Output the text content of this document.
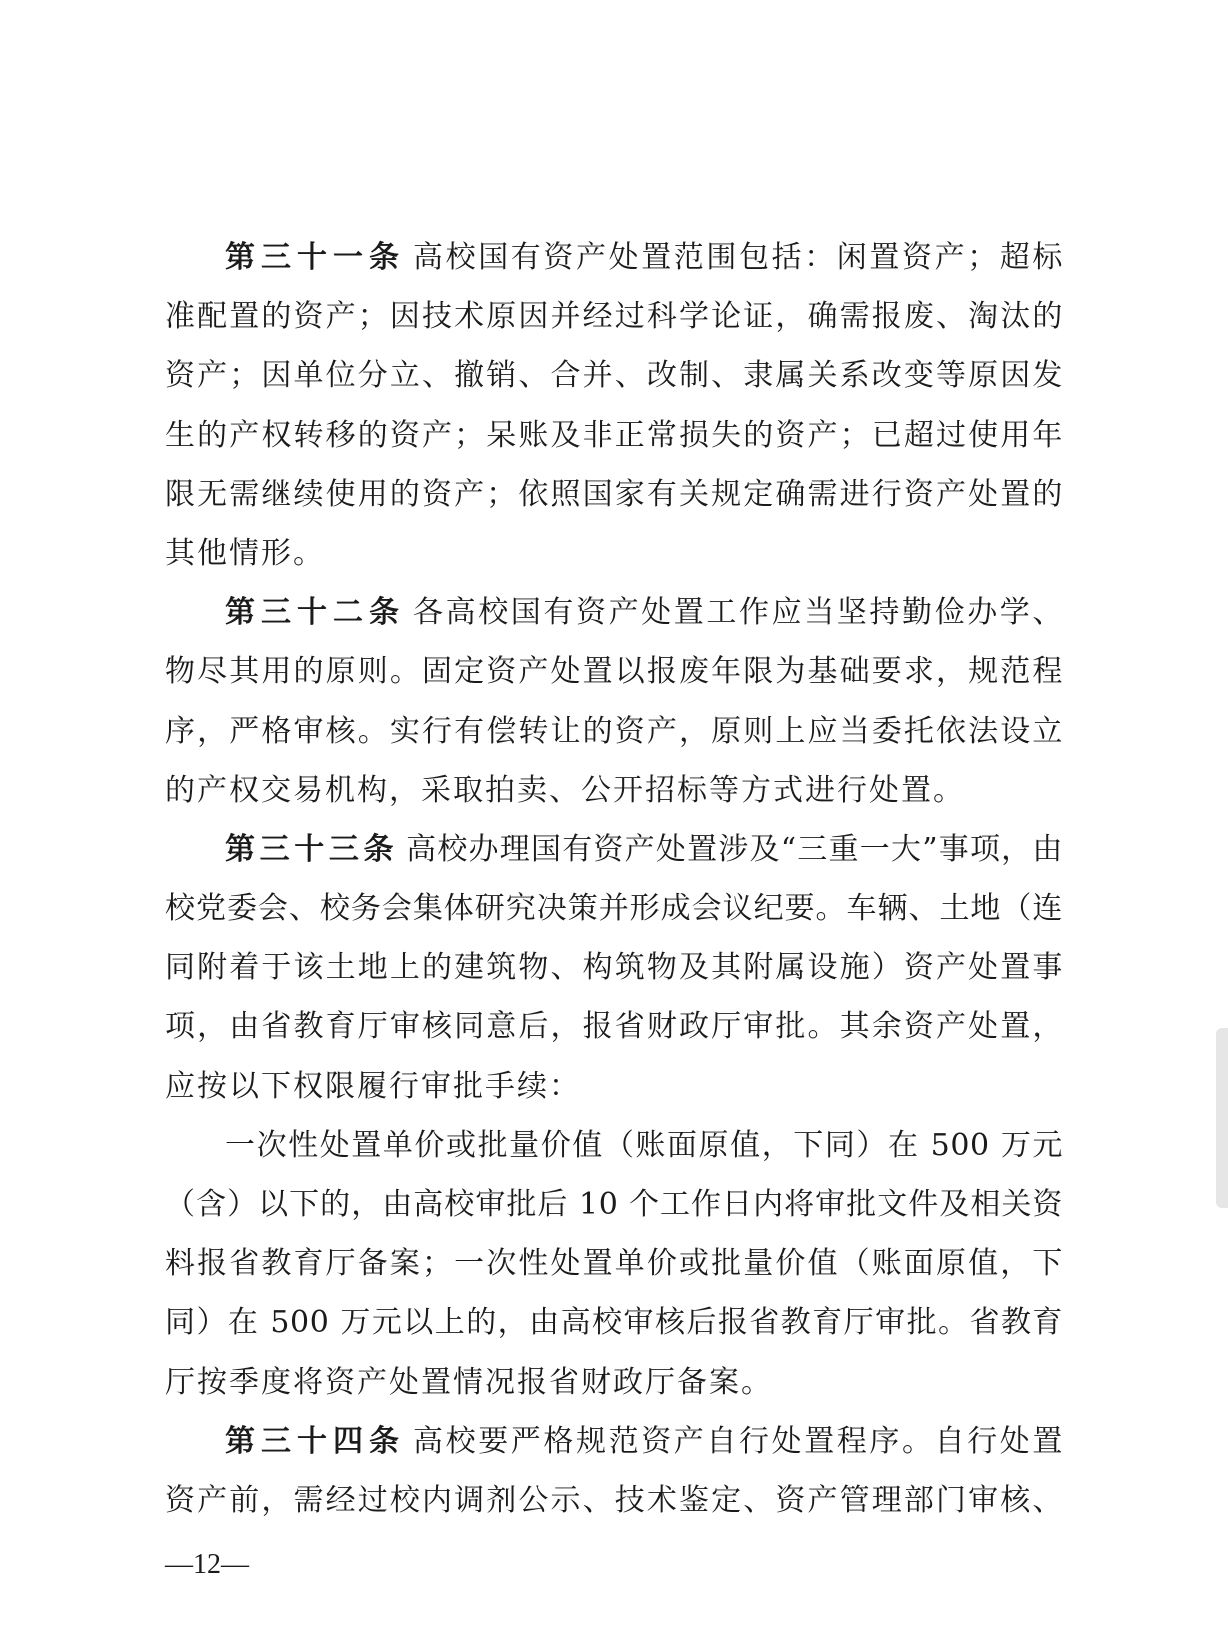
第三十一条 高校国有资产处置范围包括：闲置资产；超标
准配置的资产；因技术原因并经过科学论证，确需报废、淘汰的
资产；因单位分立、撤销、合并、改制、隶属关系改变等原因发
生的产权转移的资产；呆账及非正常损失的资产；已超过使用年
限无需继续使用的资产；依照国家有关规定确需进行资产处置的
其他情形。
第三十二条 各高校国有资产处置工作应当坚持勤俭办学、
物尽其用的原则。固定资产处置以报废年限为基础要求，规范程
序，严格审核。实行有偿转让的资产，原则上应当委托依法设立
的产权交易机构，采取拍卖、公开招标等方式进行处置。
第三十三条 高校办理国有资产处置涉及“三重一大”事项，由
校党委会、校务会集体研究决策并形成会议纪要。车辆、土地（连
同附着于该土地上的建筑物、构筑物及其附属设施）资产处置事
项，由省教育厅审核同意后，报省财政厅审批。其余资产处置，
应按以下权限履行审批手续：
一次性处置单价或批量价值（账面原值，下同）在 500 万元
（含）以下的，由高校审批后 10 个工作日内将审批文件及相关资
料报省教育厅备案；一次性处置单价或批量价值（账面原值，下
同）在 500 万元以上的，由高校审核后报省教育厅审批。省教育
厅按季度将资产处置情况报省财政厅备案。
第三十四条 高校要严格规范资产自行处置程序。自行处置
资产前，需经过校内调剂公示、技术鉴定、资产管理部门审核、
—12—
